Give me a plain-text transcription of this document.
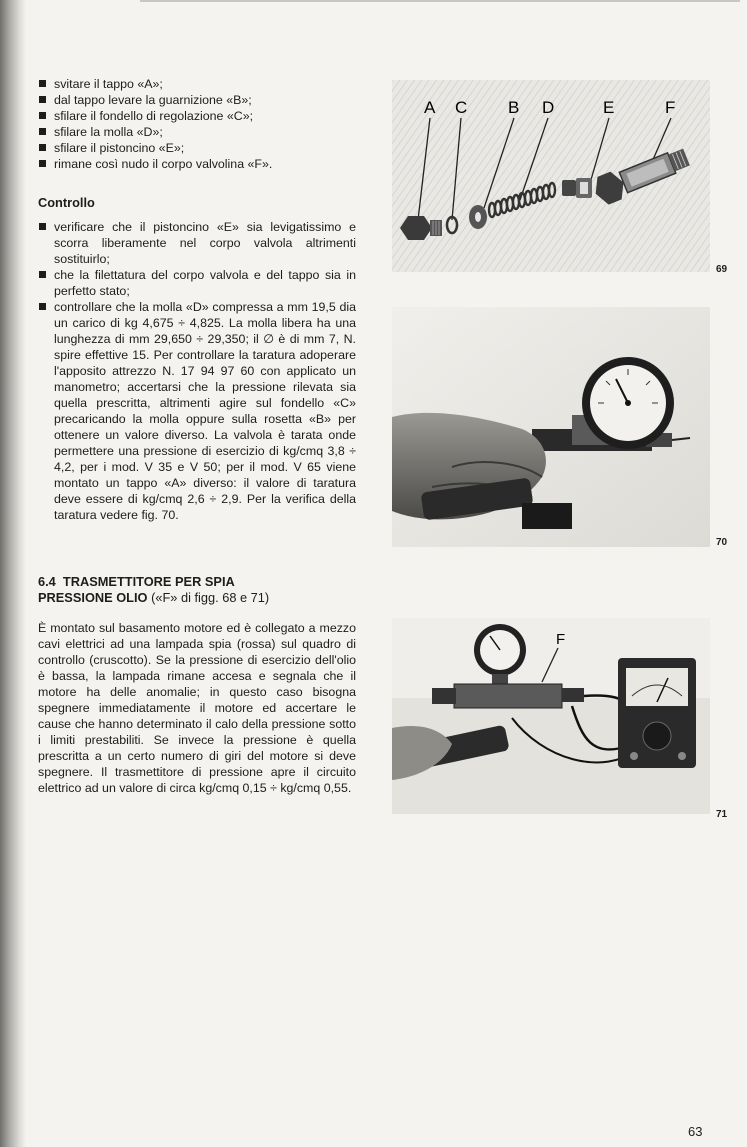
svitare il tappo «A»;
dal tappo levare la guarnizione «B»;
sfilare il fondello di regolazione «C»;
sfilare la molla «D»;
sfilare il pistoncino «E»;
rimane così nudo il corpo valvolina «F».
Controllo
verificare che il pistoncino «E» sia levigatissimo e scorra liberamente nel corpo valvola altrimenti sostituirlo;
che la filettatura del corpo valvola e del tappo sia in perfetto stato;
controllare che la molla «D» compressa a mm 19,5 dia un carico di kg 4,675 ÷ 4,825. La molla libera ha una lunghezza di mm 29,650 ÷ 29,350; il ∅ è di mm 7, N. spire effettive 15. Per controllare la taratura adoperare l'apposito attrezzo N. 17 94 97 60 con applicato un manometro; accertarsi che la pressione rilevata sia quella prescritta, altrimenti agire sul fondello «C» precaricando la molla oppure sulla rosetta «B» per ottenere un valore diverso. La valvola è tarata onde permettere una pressione di esercizio di kg/cmq 3,8 ÷ 4,2, per i mod. V 35 e V 50; per il mod. V 65 viene montato un tappo «A» diverso: il valore di taratura deve essere di kg/cmq 2,6 ÷ 2,9. Per la verifica della taratura vedere fig. 70.
6.4 TRASMETTITORE PER SPIA
PRESSIONE OLIO («F» di figg. 68 e 71)
È montato sul basamento motore ed è collegato a mezzo cavi elettrici ad una lampada spia (rossa) sul quadro di controllo (cruscotto). Se la pressione di esercizio dell'olio è bassa, la lampada rimane accesa e segnala che il motore ha delle anomalie; in questo caso bisogna spegnere immediatamente il motore ed accertare le cause che hanno determinato il calo della pressione sotto i limiti prestabiliti. Se invece la pressione è quella prescritta a un certo numero di giri del motore si deve spegnere. Il trasmettitore di pressione apre il circuito elettrico ad un valore di circa kg/cmq 0,15 ÷ kg/cmq 0,55.
A C B D	E	F
69
70
F
71
63
